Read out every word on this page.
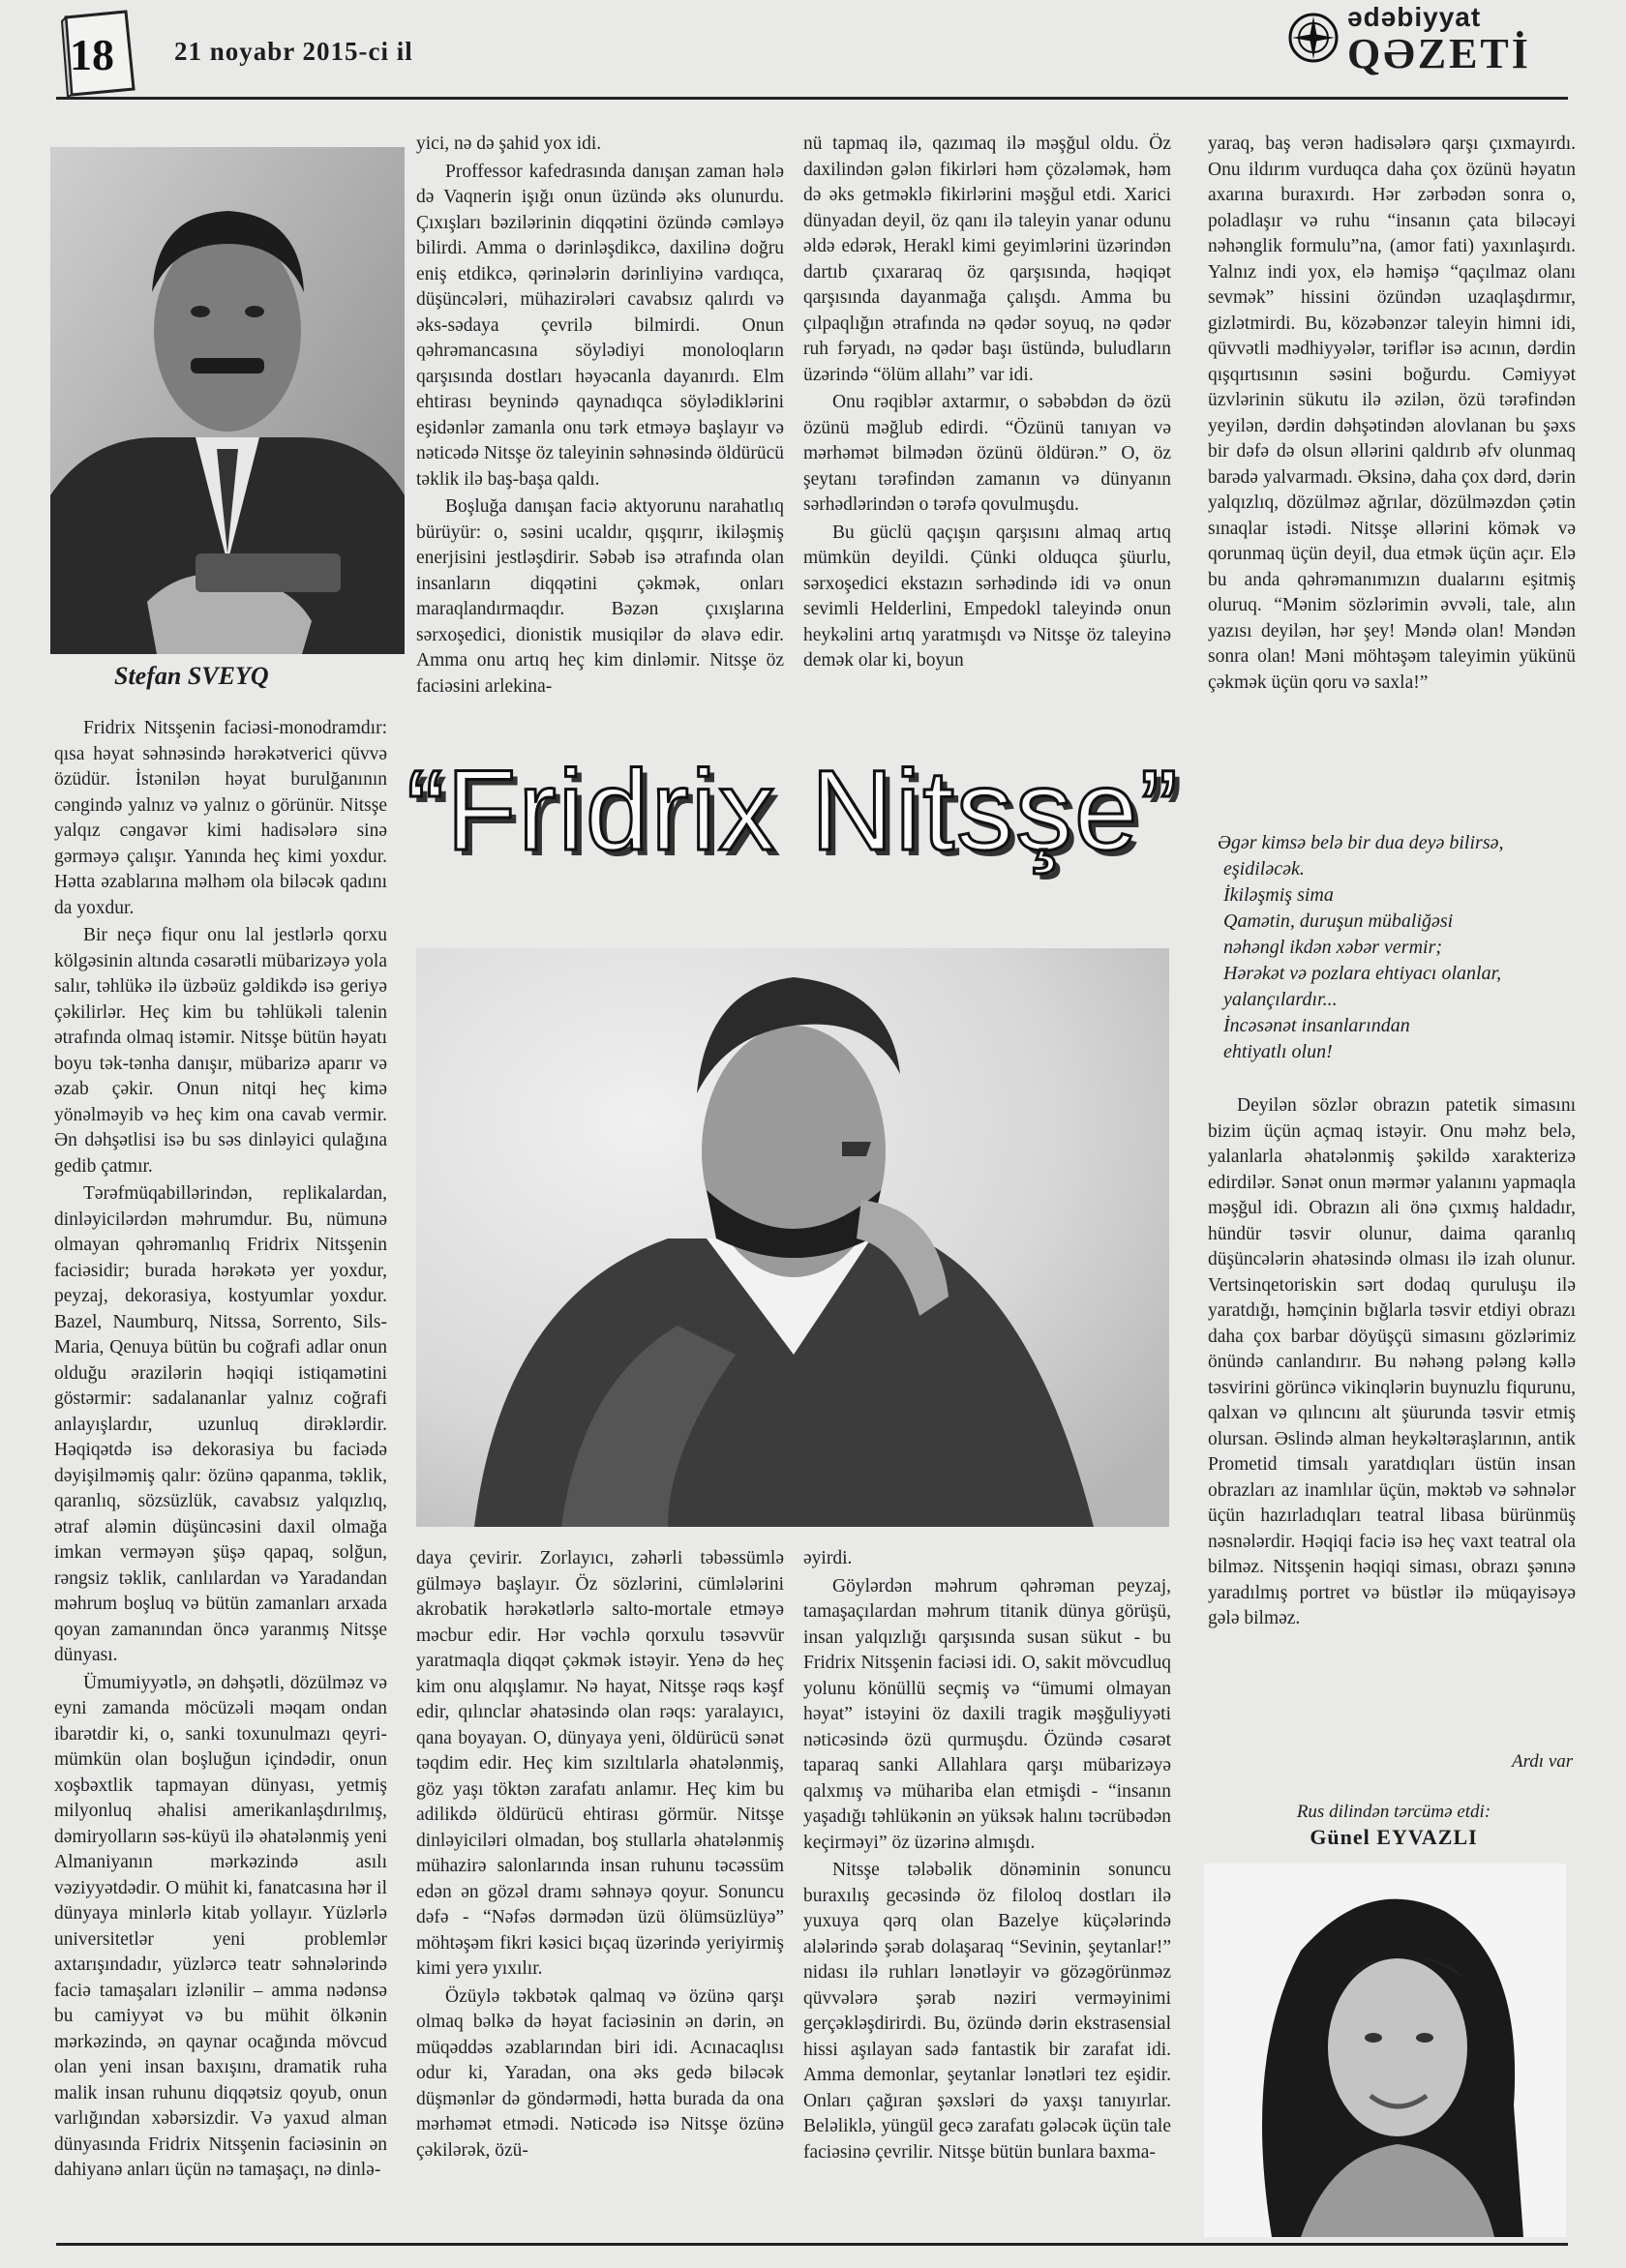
18 21 noyabr 2015-ci il
ədəbiyyat
QƏZETİ
Stefan SVEYQ

Fridrix Nitsşenin faciəsi-monodramdır: qısa həyat səhnəsində hərəkətverici qüvvə özüdür. İstənilən həyat burulğanının cəngində yalnız və yalnız o görünür. Nitsşe yalqız cəngavər kimi hadisələrə sinə gərməyə çalışır. Yanında heç kimi yoxdur. Hətta əzablarına məlhəm ola biləcək qadını da yoxdur.

Bir neçə fiqur onu lal jestlərlə qorxu kölgəsinin altında cəsarətli mübarizəyə yola salır, təhlükə ilə üzbəüz gəldikdə isə geriyə çəkilirlər. Heç kim bu təhlükəli talenin ətrafında olmaq istəmir. Nitsşe bütün həyatı boyu tək-tənha danışır, mübarizə aparır və əzab çəkir. Onun nitqi heç kimə yönəlməyib və heç kim ona cavab vermir. Ən dəhşətlisi isə bu səs dinləyici qulağına gedib çatmır.

Tərəfmüqabillərindən, replikalardan, dinləyicilərdən məhrumdur. Bu, nümunə olmayan qəhrəmanlıq Fridrix Nitsşenin faciəsidir; burada hərəkətə yer yoxdur, peyzaj, dekorasiya, kostyumlar yoxdur. Bazel, Naumburq, Nitssa, Sorrento, Sils-Maria, Qenuya bütün bu coğrafi adlar onun olduğu ərazilərin həqiqi istiqamətini göstərmir: sadalananlar yalnız coğrafi anlayışlardır, uzunluq dirəklərdir. Həqiqətdə isə dekorasiya bu faciədə dəyişilməmiş qalır: özünə qapanma, təklik, qaranlıq, sözsüzlük, cavabsız yalqızlıq, ətraf aləmin düşüncəsini daxil olmağa imkan verməyən şüşə qapaq, solğun, rəngsiz təklik, canlılardan və Yaradandan məhrum boşluq və bütün zamanları arxada qoyan zamanından öncə yaranmış Nitsşe dünyası.

Ümumiyyətlə, ən dəhşətli, dözülməz və eyni zamanda möcüzəli məqam ondan ibarətdir ki, o, sanki toxunulmazı qeyri-mümkün olan boşluğun içindədir, onun xoşbəxtlik tapmayan dünyası, yetmiş milyonluq əhalisi amerikanlaşdırılmış, dəmiryolların səs-küyü ilə əhatələnmiş yeni Almaniyanın mərkəzində asılı vəziyyətdədir. O mühit ki, fanatcasına hər il dünyaya minlərlə kitab yollayır. Yüzlərlə universitetlər yeni problemlər axtarışındadır, yüzlərcə teatr səhnələrində faciə tamaşaları izlənilir – amma nədənsə bu camiyyət və bu mühit ölkənin mərkəzində, ən qaynar ocağında mövcud olan yeni insan baxışını, dramatik ruha malik insan ruhunu diqqətsiz qoyub, onun varlığından xəbərsizdir. Və yaxud alman dünyasında Fridrix Nitsşenin faciəsinin ən dahiyanə anları üçün nə tamaşaçı, nə dinlə-

yici, nə də şahid yox idi.

Proffessor kafedrasında danışan zaman hələ də Vaqnerin işığı onun üzündə əks olunurdu. Çıxışları bəzilərinin diqqətini özündə cəmləyə bilirdi. Amma o dərinləşdikcə, daxilinə doğru eniş etdikcə, qərinələrin dərinliyinə vardıqca, düşüncələri, mühazirələri cavabsız qalırdı və əks-sədaya çevrilə bilmirdi. Onun qəhrəmancasına söylədiyi monoloqların qarşısında dostları həyəcanla dayanırdı. Elm ehtirası beynində qaynadıqca söylədiklərini eşidənlər zamanla onu tərk etməyə başlayır və nəticədə Nitsşe öz taleyinin səhnəsində öldürücü təklik ilə baş-başa qaldı.

Boşluğa danışan faciə aktyorunu narahatlıq bürüyür: o, səsini ucaldır, qışqırır, ikiləşmiş enerjisini jestləşdirir. Səbəb isə ətrafında olan insanların diqqətini çəkmək, onları maraqlandırmaqdır. Bəzən çıxışlarına sərxoşedici, dionistik musiqilər də əlavə edir. Amma onu artıq heç kim dinləmir. Nitsşe öz faciəsini arlekina-

nü tapmaq ilə, qazımaq ilə məşğul oldu. Öz daxilindən gələn fikirləri həm çözələmək, həm də əks getməklə fikirlərini məşğul etdi. Xarici dünyadan deyil, öz qanı ilə taleyin yanar odunu əldə edərək, Herakl kimi geyimlərini üzərindən dartıb çıxararaq öz qarşısında, həqiqət qarşısında dayanmağa çalışdı. Amma bu çılpaqlığın ətrafında nə qədər soyuq, nə qədər ruh fəryadı, nə qədər başı üstündə, buludların üzərində “ölüm allahı” var idi.

Onu rəqiblər axtarmır, o səbəbdən də özü özünü məğlub edirdi. “Özünü tanıyan və mərhəmət bilmədən özünü öldürən.” O, öz şeytanı tərəfindən zamanın və dünyanın sərhədlərindən o tərəfə qovulmuşdu.

Bu güclü qaçışın qarşısını almaq artıq mümkün deyildi. Çünki olduqca şüurlu, sərxoşedici ekstazın sərhədində idi və onun sevimli Helderlini, Empedokl taleyində onun heykəlini artıq yaratmışdı və Nitsşe öz taleyinə demək olar ki, boyun

yaraq, baş verən hadisələrə qarşı çıxmayırdı. Onu ildırım vurduqca daha çox özünü həyatın axarına buraxırdı. Hər zərbədən sonra o, poladlaşır və ruhu “insanın çata biləcəyi nəhənglik formulu”na, (amor fati) yaxınlaşırdı. Yalnız indi yox, elə həmişə “qaçılmaz olanı sevmək” hissini özündən uzaqlaşdırmır, gizlətmirdi. Bu, közəbənzər taleyin himni idi, qüvvətli mədhiyyələr, təriflər isə acının, dərdin qışqırtısının səsini boğurdu. Cəmiyyət üzvlərinin sükutu ilə əzilən, özü tərəfindən yeyilən, dərdin dəhşətindən alovlanan bu şəxs bir dəfə də olsun əllərini qaldırıb əfv olunmaq barədə yalvarmadı. Əksinə, daha çox dərd, dərin yalqızlıq, dözülməz ağrılar, dözülməzdən çətin sınaqlar istədi. Nitsşe əllərini kömək və qorunmaq üçün deyil, dua etmək üçün açır. Elə bu anda qəhrəmanımızın dualarını eşitmiş oluruq. “Mənim sözlərimin əvvəli, tale, alın yazısı deyilən, hər şey! Məndə olan! Məndən sonra olan! Məni möhtəşəm taleyimin yükünü çəkmək üçün qoru və saxla!”

“Fridrix Nitsşe”	Əgər kimsə belə bir dua deyə bilirsə,
eşidiləcək.
İkiləşmiş sima
Qamətin, duruşun mübaliğəsi
nəhəngl ikdən xəbər vermir;
Hərəkət və pozlara ehtiyacı olanlar,
yalançılardır...
İncəsənət insanlarından
ehtiyatlı olun!

Deyilən sözlər obrazın patetik simasını bizim üçün açmaq istəyir. Onu məhz belə, yalanlarla əhatələnmiş şəkildə xarakterizə edirdilər. Sənət onun mərmər yalanını yapmaqla məşğul idi. Obrazın ali önə çıxmış haldadır, hündür təsvir olunur, daima qaranlıq düşüncələrin əhatəsində olması ilə izah olunur. Vertsinqetoriskin sərt dodaq quruluşu ilə yaratdığı, həmçinin bığlarla təsvir etdiyi obrazı daha çox barbar döyüşçü simasını gözlərimiz önündə canlandırır. Bu nəhəng pələng kəllə təsvirini görüncə vikinqlərin buynuzlu fiqurunu, qalxan və qılıncını alt şüurunda təsvir etmiş olursan. Əslində alman heykəltəraşlarının, antik Prometid timsalı yaratdıqları üstün insan obrazları az inamlılar üçün, məktəb və səhnələr üçün hazırladıqları teatral libasa bürünmüş nəsnələrdir. Həqiqi faciə isə heç vaxt teatral ola bilməz. Nitsşenin həqiqi siması, obrazı şənınə yaradılmış portret və büstlər ilə müqayisəyə gələ bilməz.

daya çevirir. Zorlayıcı, zəhərli təbəssümlə gülməyə başlayır. Öz sözlərini, cümlələrini akrobatik hərəkətlərlə salto-mortale etməyə məcbur edir. Hər vəchlə qorxulu təsəvvür yaratmaqla diqqət çəkmək istəyir. Yenə də heç kim onu alqışlamır. Nə hayat, Nitsşe rəqs kəşf edir, qılınclar əhatəsində olan rəqs: yaralayıcı, qana boyayan. O, dünyaya yeni, öldürücü sənət təqdim edir. Heç kim sızıltılarla əhatələnmiş, göz yaşı töktən zarafatı anlamır. Heç kim bu adilikdə öldürücü ehtirası görmür. Nitsşe dinləyiciləri olmadan, boş stullarla əhatələnmiş mühazirə salonlarında insan ruhunu təcəssüm edən ən gözəl dramı səhnəyə qoyur. Sonuncu dəfə - “Nəfəs dərmədən üzü ölümsüzlüyə” möhtəşəm fikri kəsici bıçaq üzərində yeriyirmiş kimi yerə yıxılır.

Özüylə təkbətək qalmaq və özünə qarşı olmaq bəlkə də həyat faciəsinin ən dərin, ən müqəddəs əzablarından biri idi. Acınacaqlısı odur ki, Yaradan, ona əks gedə biləcək düşmənlər də göndərmədi, həttа burada da ona mərhəmət etmədi. Nəticədə isə Nitsşe özünə çəkilərək, özü-

əyirdi.

Göylərdən məhrum qəhrəman peyzaj, tamaşaçılardan məhrum titanik dünya görüşü, insan yalqızlığı qarşısında susan sükut - bu Fridrix Nitsşenin faciəsi idi. O, sakit mövcudluq yolunu könüllü seçmiş və “ümumi olmayan həyat” istəyini öz daxili tragik məşğuliyyəti nəticəsində özü qurmuşdu. Özündə cəsarət taparaq sanki Allahlara qarşı mübarizəyə qalxmış və mühariba elan etmişdi - “insanın yaşadığı təhlükənin ən yüksək halını təcrübədən keçirməyi” öz üzərinə almışdı.

Nitsşe tələbəlik dönəminin sonuncu buraxılış gecəsində öz filoloq dostları ilə yuxuya qərq olan Bazelye küçələrində alələrində şərab dolaşaraq “Sevinin, şeytanlar!” nidası ilə ruhları lənətləyir və gözəgörünməz qüvvələrə şərab nəziri verməyinimi gerçəkləşdirirdi. Bu, özündə dərin ekstrasensial hissi aşılayan sadə fantastik bir zarafat idi. Amma demonlar, şeytanlar lənətləri tez eşidir. Onları çağıran şəxsləri də yaxşı tanıyırlar. Beləliklə, yüngül gecə zarafatı gələcək üçün tale faciəsinə çevrilir. Nitsşe bütün bunlara baxma-

Ardı var
Rus dilindən tərcümə etdi:
Günel EYVAZLI
